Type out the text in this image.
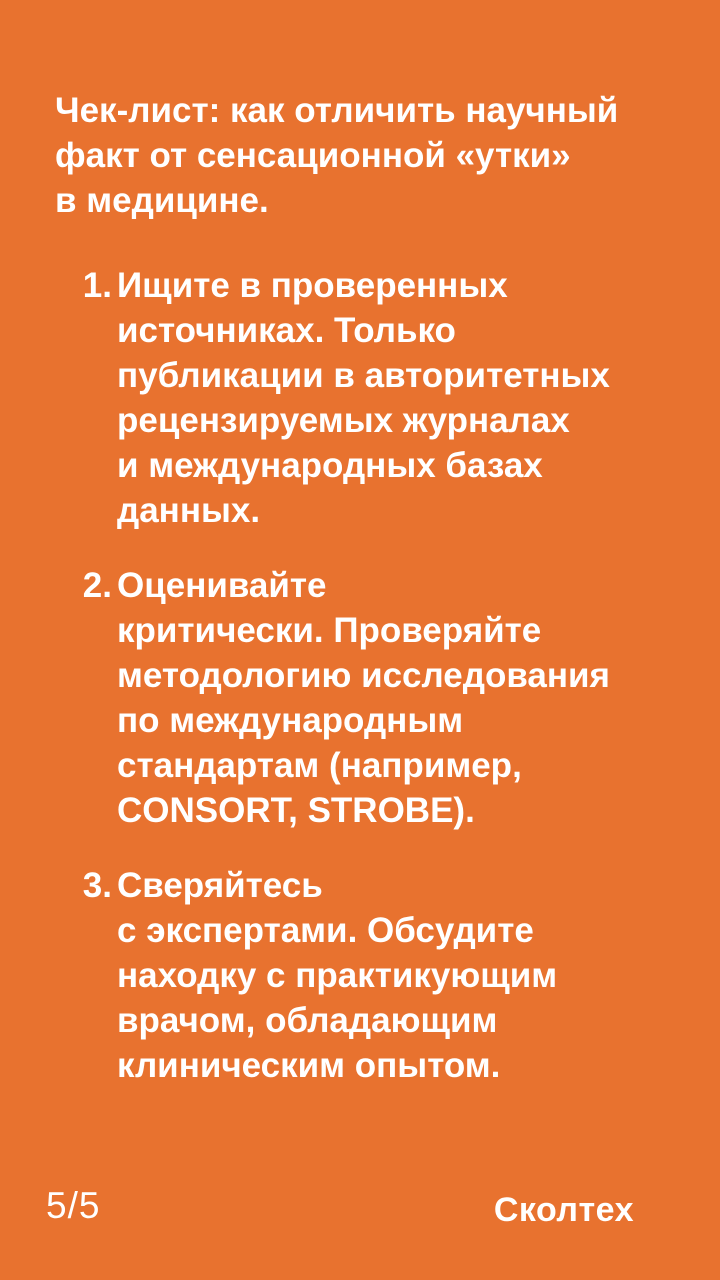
Чек-лист: как отличить научный
факт от сенсационной «утки»
в медицине.
1. Ищите в проверенных
источниках. Только
публикации в авторитетных
рецензируемых журналах
и международных базах
данных.
2. Оценивайте
критически. Проверяйте
методологию исследования
по международным
стандартам (например,
CONSORT, STROBE).
3. Сверяйтесь
с экспертами. Обсудите
находку с практикующим
врачом, обладающим
клиническим опытом.
5/5	Сколтех
